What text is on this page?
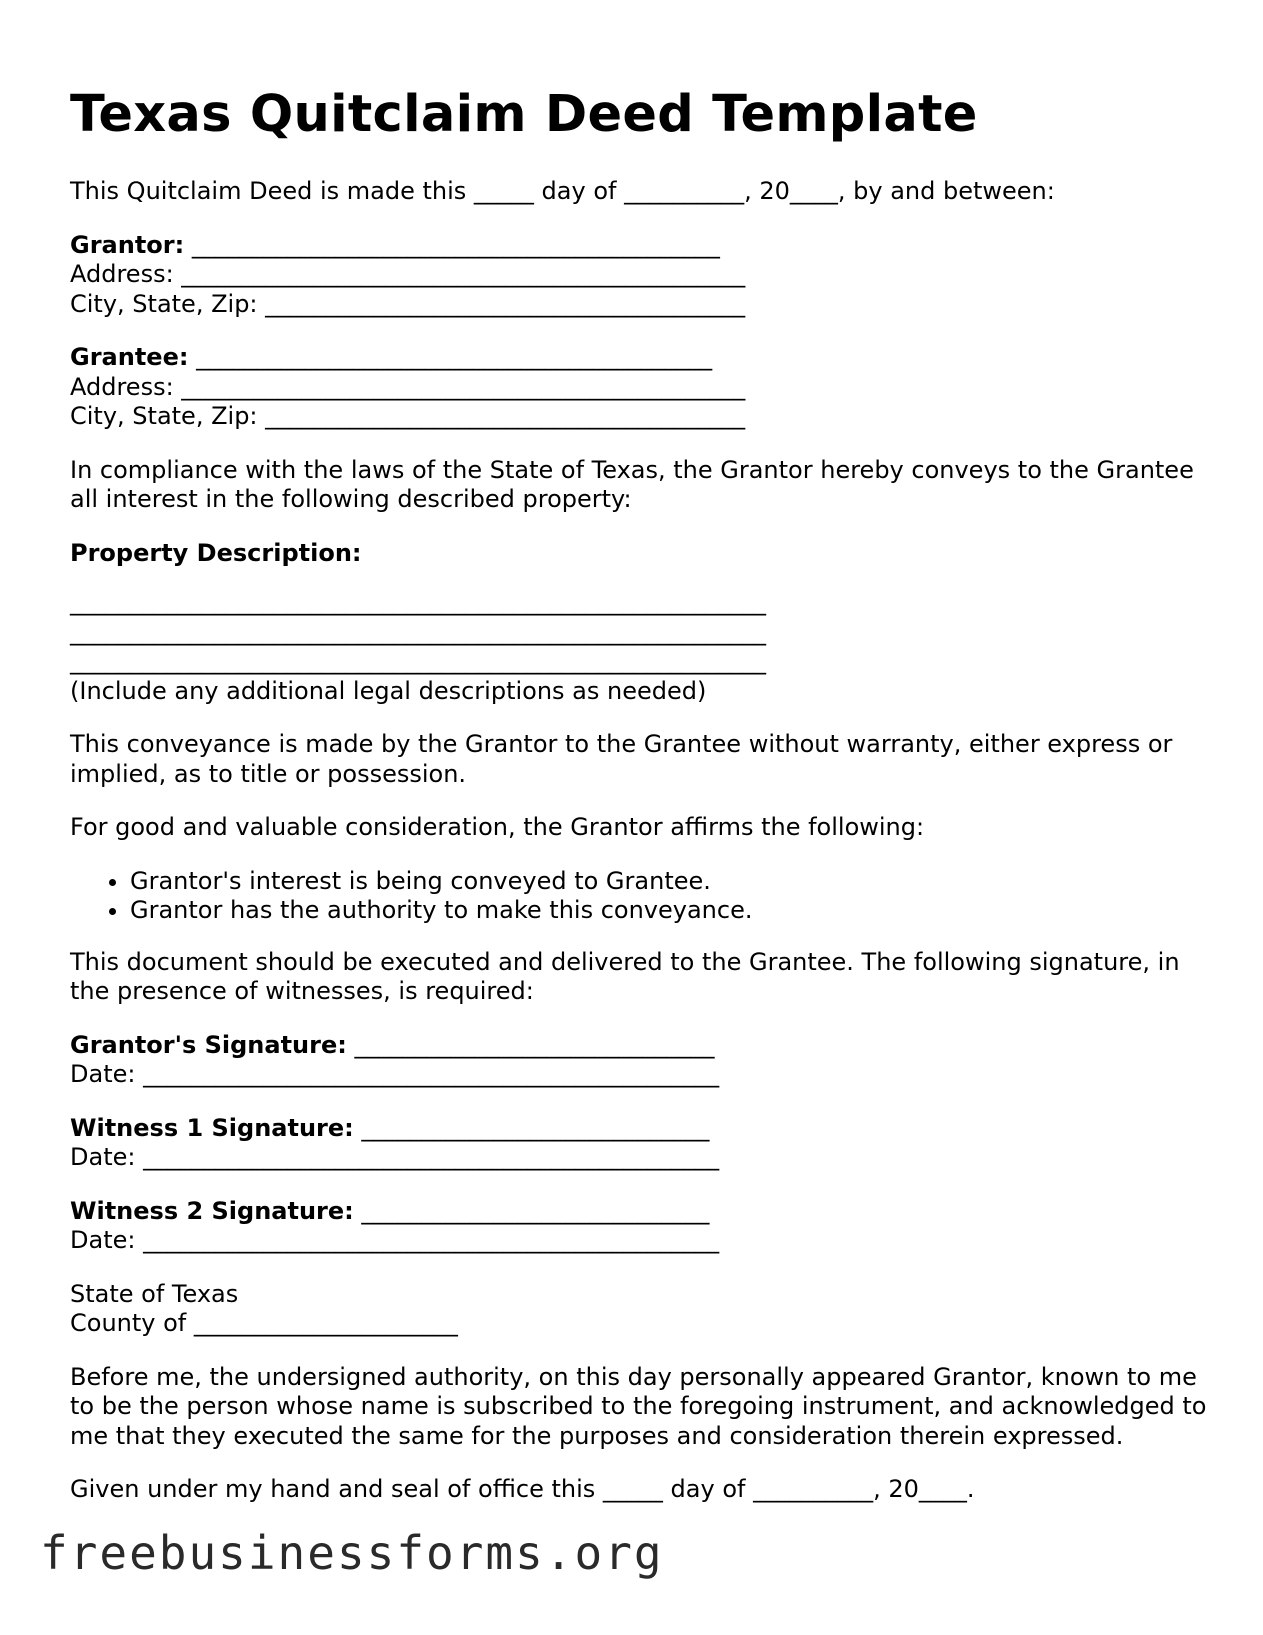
Texas Quitclaim Deed Template

This Quitclaim Deed is made this _____ day of __________, 20____, by and between:

Grantor: ____________________________________________

Address: _______________________________________________

City, State, Zip: ________________________________________

Grantee: ___________________________________________

Address: _______________________________________________

City, State, Zip: ________________________________________

In compliance with the laws of the State of Texas, the Grantor hereby conveys to the Grantee all interest in the following described property:

Property Description:

__________________________________________________________

__________________________________________________________

__________________________________________________________

(Include any additional legal descriptions as needed)

This conveyance is made by the Grantor to the Grantee without warranty, either express or implied, as to title or possession.

For good and valuable consideration, the Grantor affirms the following:

• Grantor's interest is being conveyed to Grantee.
• Grantor has the authority to make this conveyance.

This document should be executed and delivered to the Grantee. The following signature, in the presence of witnesses, is required:

Grantor's Signature: ______________________________

Date: ________________________________________________

Witness 1 Signature: _____________________________

Date: ________________________________________________

Witness 2 Signature: _____________________________

Date: ________________________________________________

State of Texas

County of ______________________

Before me, the undersigned authority, on this day personally appeared Grantor, known to me to be the person whose name is subscribed to the foregoing instrument, and acknowledged to me that they executed the same for the purposes and consideration therein expressed.

Given under my hand and seal of office this _____ day of __________, 20____.

freebusinessforms.org
